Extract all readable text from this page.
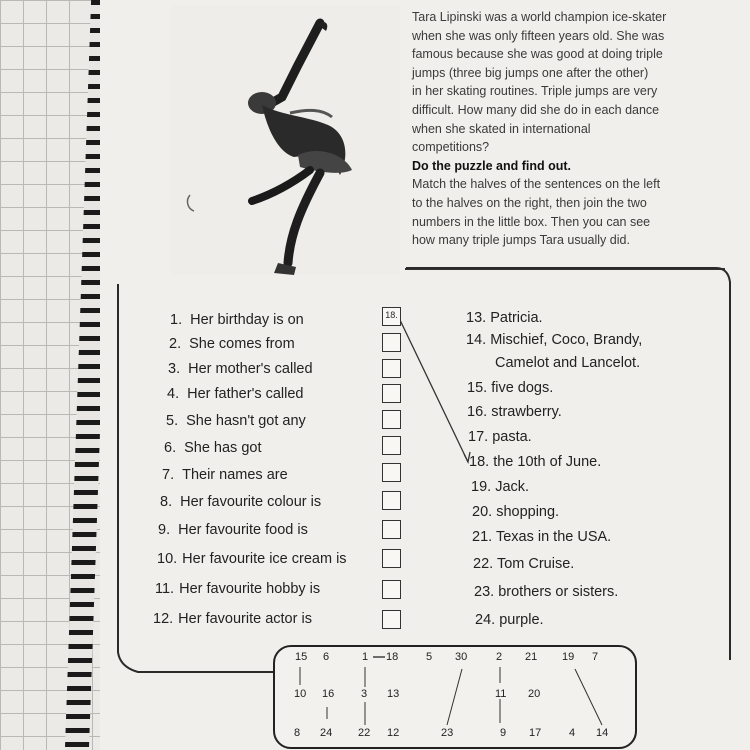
Tara Lipinski was a world champion ice-skater
when she was only fifteen years old. She was
famous because she was good at doing triple
jumps (three big jumps one after the other)
in her skating routines. Triple jumps are very
difficult. How many did she do in each dance
when she skated in international
competitions?
Do the puzzle and find out.
Match the halves of the sentences on the left
to the halves on the right, then join the two
numbers in the little box. Then you can see
how many triple jumps Tara usually did.
1. Her birthday is on
2. She comes from
3. Her mother's called
4. Her father's called
5. She hasn't got any
6. She has got
7. Their names are
8. Her favourite colour is
9. Her favourite food is
10. Her favourite ice cream is
11. Her favourite hobby is
12. Her favourite actor is
18.	13. Patricia.
14. Mischief, Coco, Brandy,
Camelot and Lancelot.
15. five dogs.
16. strawberry.
17. pasta.
18. the 10th of June.
19. Jack.
20. shopping.
21. Texas in the USA.
22. Tom Cruise.
23. brothers or sisters.
24. purple.
15 6	1 18	5 30	2 21 19 7
10 16 3 13	11 20
8 24 22 12	23	9 17	4 14
